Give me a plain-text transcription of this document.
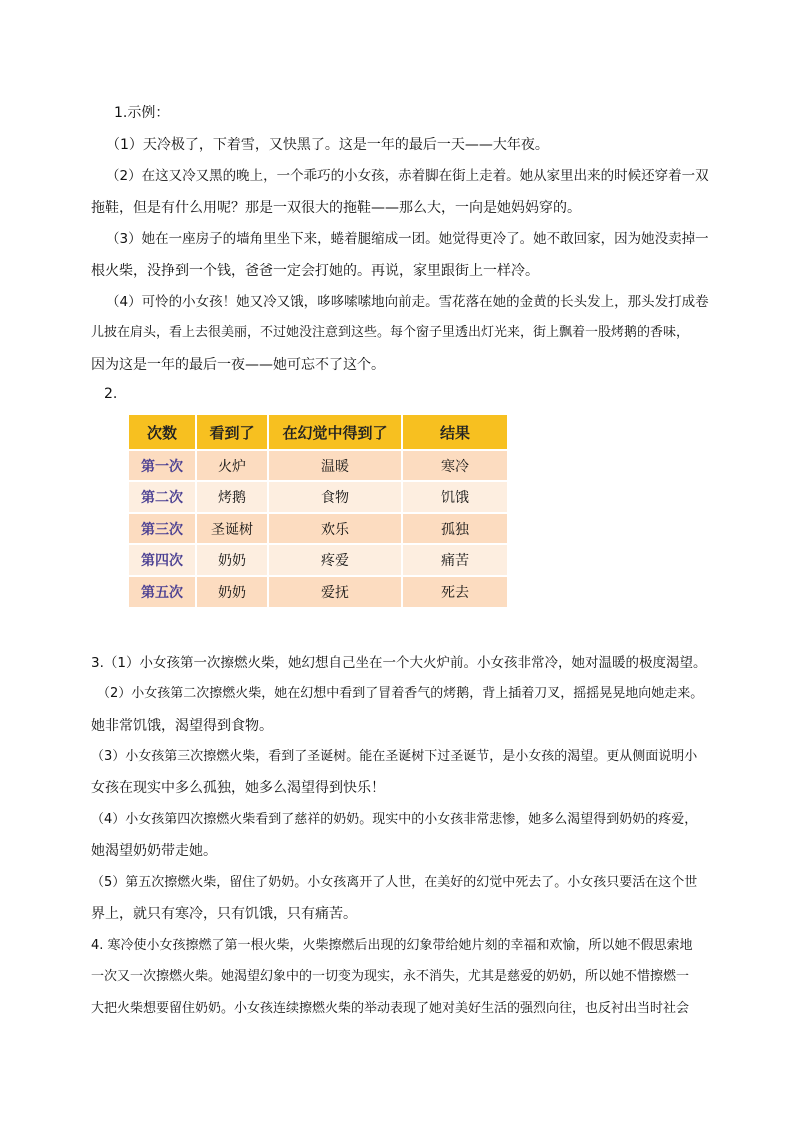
1.示例：
（1）天冷极了，下着雪，又快黑了。这是一年的最后一天——大年夜。
（2）在这又冷又黑的晚上，一个乖巧的小女孩，赤着脚在街上走着。她从家里出来的时候还穿着一双
拖鞋，但是有什么用呢？那是一双很大的拖鞋——那么大，一向是她妈妈穿的。
（3）她在一座房子的墙角里坐下来，蜷着腿缩成一团。她觉得更冷了。她不敢回家，因为她没卖掉一
根火柴，没挣到一个钱，爸爸一定会打她的。再说，家里跟街上一样冷。
（4）可怜的小女孩！她又冷又饿，哆哆嗦嗦地向前走。雪花落在她的金黄的长头发上，那头发打成卷
儿披在肩头，看上去很美丽，不过她没注意到这些。每个窗子里透出灯光来，街上飘着一股烤鹅的香味，
因为这是一年的最后一夜——她可忘不了这个。
2.
次数	看到了	在幻觉中得到了	结果
第一次	火炉	温暖	寒冷
第二次	烤鹅	食物	饥饿
第三次	圣诞树	欢乐	孤独
第四次	奶奶	疼爱	痛苦
第五次	奶奶	爱抚	死去
3.（1）小女孩第一次擦燃火柴，她幻想自己坐在一个大火炉前。小女孩非常冷，她对温暖的极度渴望。
（2）小女孩第二次擦燃火柴，她在幻想中看到了冒着香气的烤鹅，背上插着刀叉，摇摇晃晃地向她走来。
她非常饥饿，渴望得到食物。
（3）小女孩第三次擦燃火柴，看到了圣诞树。能在圣诞树下过圣诞节，是小女孩的渴望。更从侧面说明小
女孩在现实中多么孤独，她多么渴望得到快乐！
（4）小女孩第四次擦燃火柴看到了慈祥的奶奶。现实中的小女孩非常悲惨，她多么渴望得到奶奶的疼爱，
她渴望奶奶带走她。
（5）第五次擦燃火柴，留住了奶奶。小女孩离开了人世，在美好的幻觉中死去了。小女孩只要活在这个世
界上，就只有寒冷，只有饥饿，只有痛苦。
4. 寒冷使小女孩擦燃了第一根火柴，火柴擦燃后出现的幻象带给她片刻的幸福和欢愉，所以她不假思索地
一次又一次擦燃火柴。她渴望幻象中的一切变为现实，永不消失，尤其是慈爱的奶奶，所以她不惜擦燃一
大把火柴想要留住奶奶。小女孩连续擦燃火柴的举动表现了她对美好生活的强烈向往，也反衬出当时社会
